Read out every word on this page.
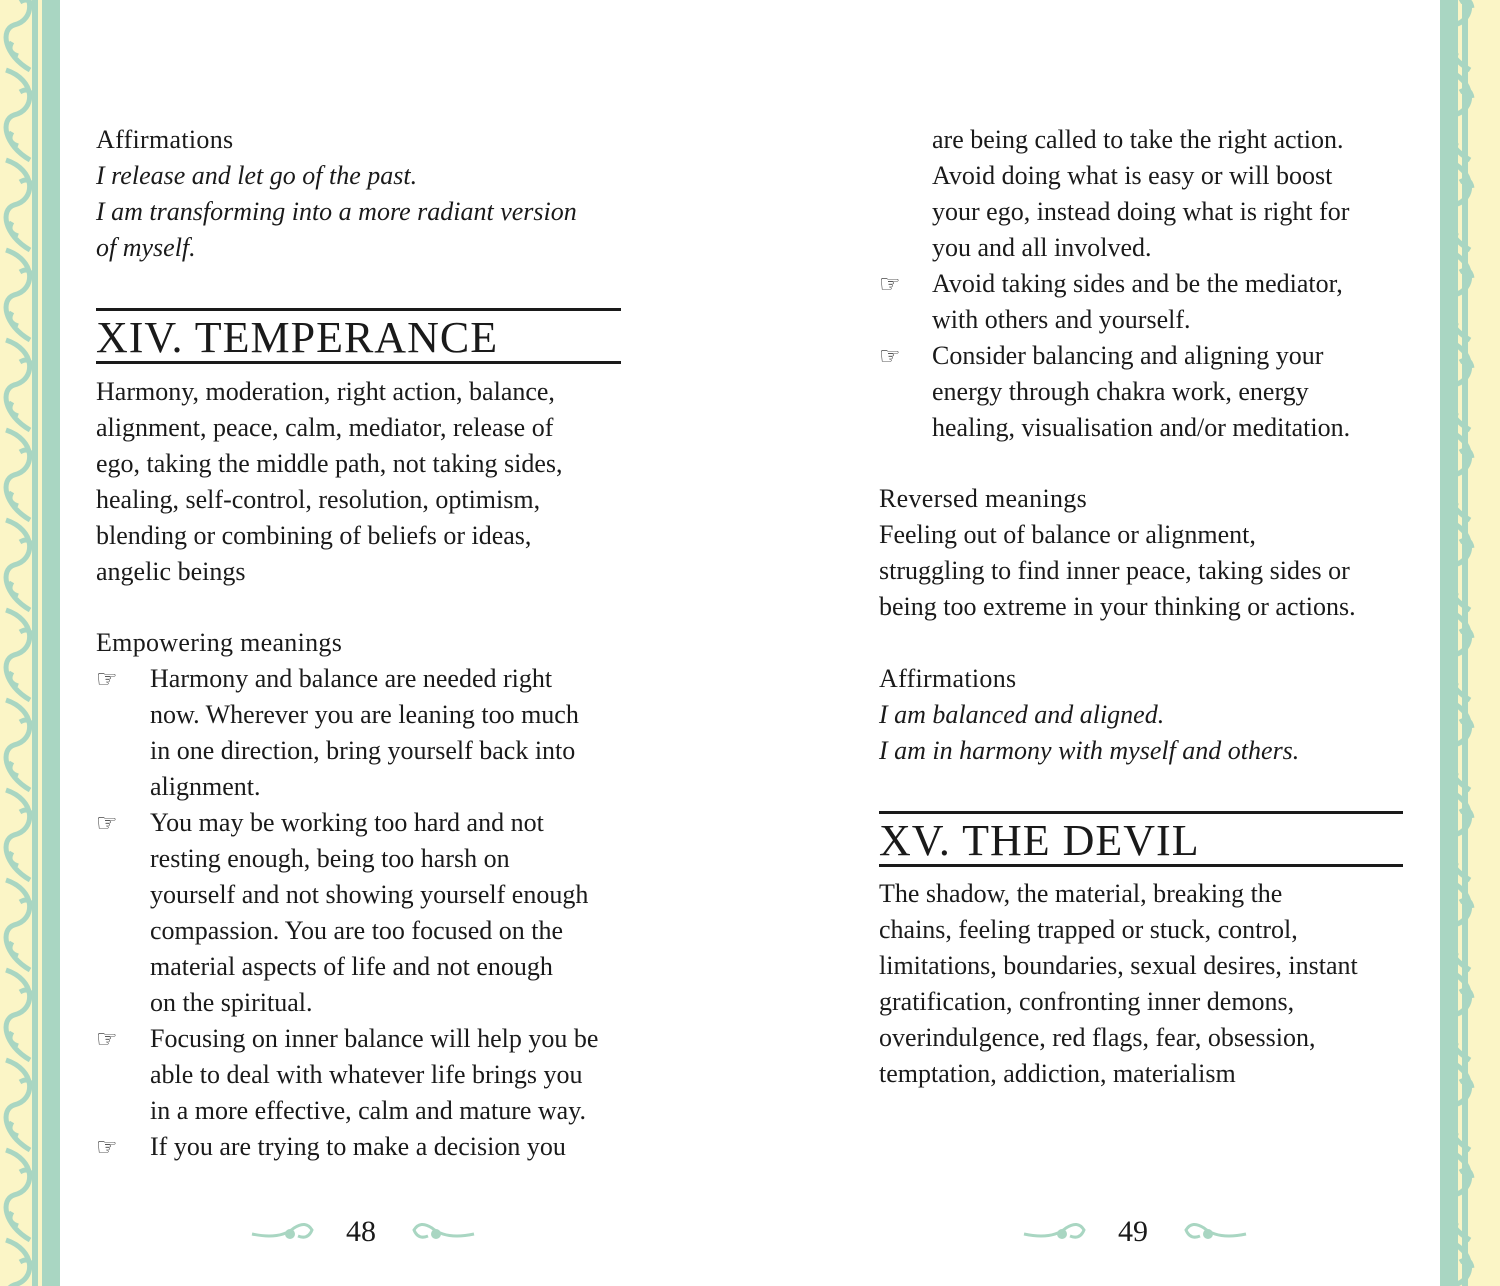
Affirmations
I release and let go of the past.
I am transforming into a more radiant version
of myself.
XIV. TEMPERANCE
Harmony, moderation, right action, balance,
alignment, peace, calm, mediator, release of
ego, taking the middle path, not taking sides,
healing, self-control, resolution, optimism,
blending or combining of beliefs or ideas,
angelic beings
Empowering meanings
☞ Harmony and balance are needed right
now. Wherever you are leaning too much
in one direction, bring yourself back into
alignment.
☞ You may be working too hard and not
resting enough, being too harsh on
yourself and not showing yourself enough
compassion. You are too focused on the
material aspects of life and not enough
on the spiritual.
☞ Focusing on inner balance will help you be
able to deal with whatever life brings you
in a more effective, calm and mature way.
☞ If you are trying to make a decision you
48
are being called to take the right action.
Avoid doing what is easy or will boost
your ego, instead doing what is right for
you and all involved.
☞ Avoid taking sides and be the mediator,
with others and yourself.
☞ Consider balancing and aligning your
energy through chakra work, energy
healing, visualisation and/or meditation.
Reversed meanings
Feeling out of balance or alignment,
struggling to find inner peace, taking sides or
being too extreme in your thinking or actions.
Affirmations
I am balanced and aligned.
I am in harmony with myself and others.
XV. THE DEVIL
The shadow, the material, breaking the
chains, feeling trapped or stuck, control,
limitations, boundaries, sexual desires, instant
gratification, confronting inner demons,
overindulgence, red flags, fear, obsession,
temptation, addiction, materialism
49
